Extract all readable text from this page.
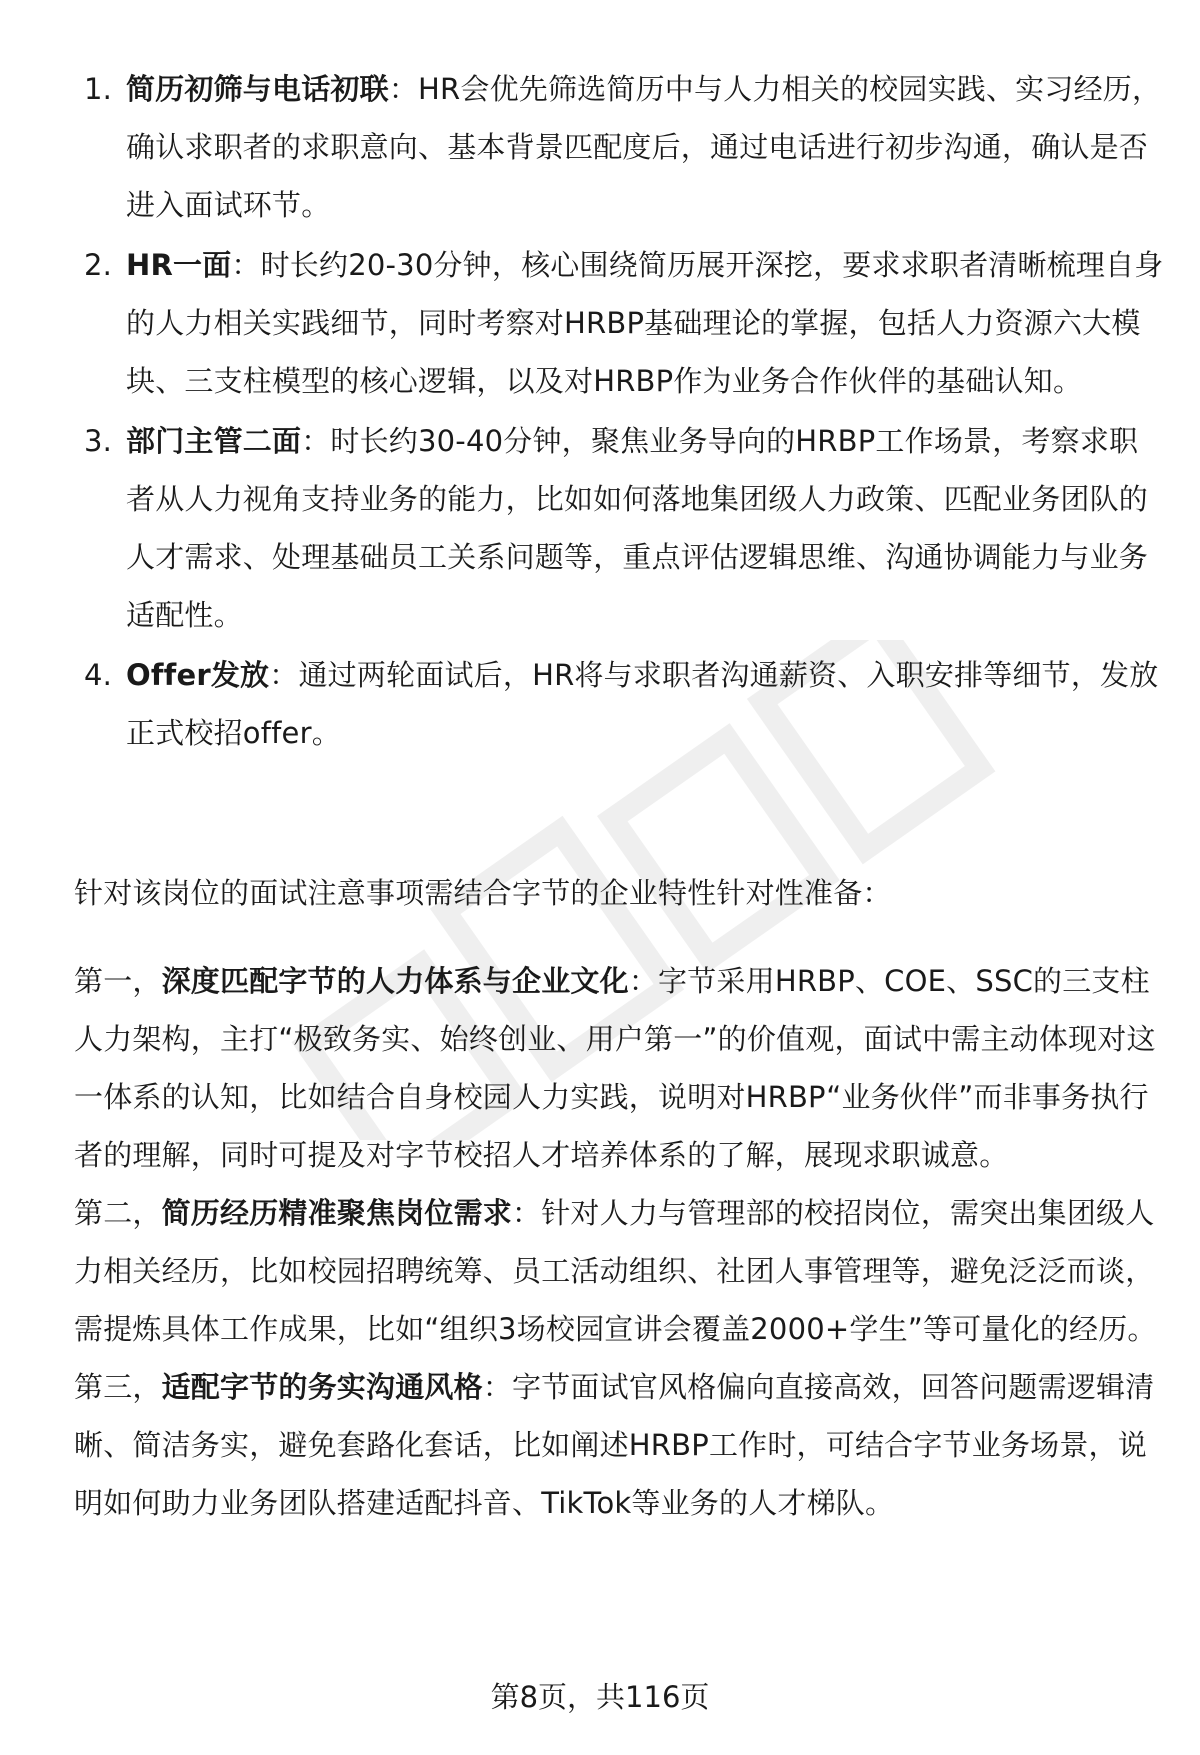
1. 简历初筛与电话初联：HR会优先筛选简历中与人力相关的校园实践、实习经历，确认求职者的求职意向、基本背景匹配度后，通过电话进行初步沟通，确认是否进入面试环节。
2. HR一面：时长约20-30分钟，核心围绕简历展开深挖，要求求职者清晰梳理自身的人力相关实践细节，同时考察对HRBP基础理论的掌握，包括人力资源六大模块、三支柱模型的核心逻辑，以及对HRBP作为业务合作伙伴的基础认知。
3. 部门主管二面：时长约30-40分钟，聚焦业务导向的HRBP工作场景，考察求职者从人力视角支持业务的能力，比如如何落地集团级人力政策、匹配业务团队的人才需求、处理基础员工关系问题等，重点评估逻辑思维、沟通协调能力与业务适配性。
4. Offer发放：通过两轮面试后，HR将与求职者沟通薪资、入职安排等细节，发放正式校招offer。

针对该岗位的面试注意事项需结合字节的企业特性针对性准备：

第一，深度匹配字节的人力体系与企业文化：字节采用HRBP、COE、SSC的三支柱人力架构，主打“极致务实、始终创业、用户第一”的价值观，面试中需主动体现对这一体系的认知，比如结合自身校园人力实践，说明对HRBP“业务伙伴”而非事务执行者的理解，同时可提及对字节校招人才培养体系的了解，展现求职诚意。

第二，简历经历精准聚焦岗位需求：针对人力与管理部的校招岗位，需突出集团级人力相关经历，比如校园招聘统筹、员工活动组织、社团人事管理等，避免泛泛而谈，需提炼具体工作成果，比如“组织3场校园宣讲会覆盖2000+学生”等可量化的经历。

第三，适配字节的务实沟通风格：字节面试官风格偏向直接高效，回答问题需逻辑清晰、简洁务实，避免套路化套话，比如阐述HRBP工作时，可结合字节业务场景，说明如何助力业务团队搭建适配抖音、TikTok等业务的人才梯队。

第8页，共116页
